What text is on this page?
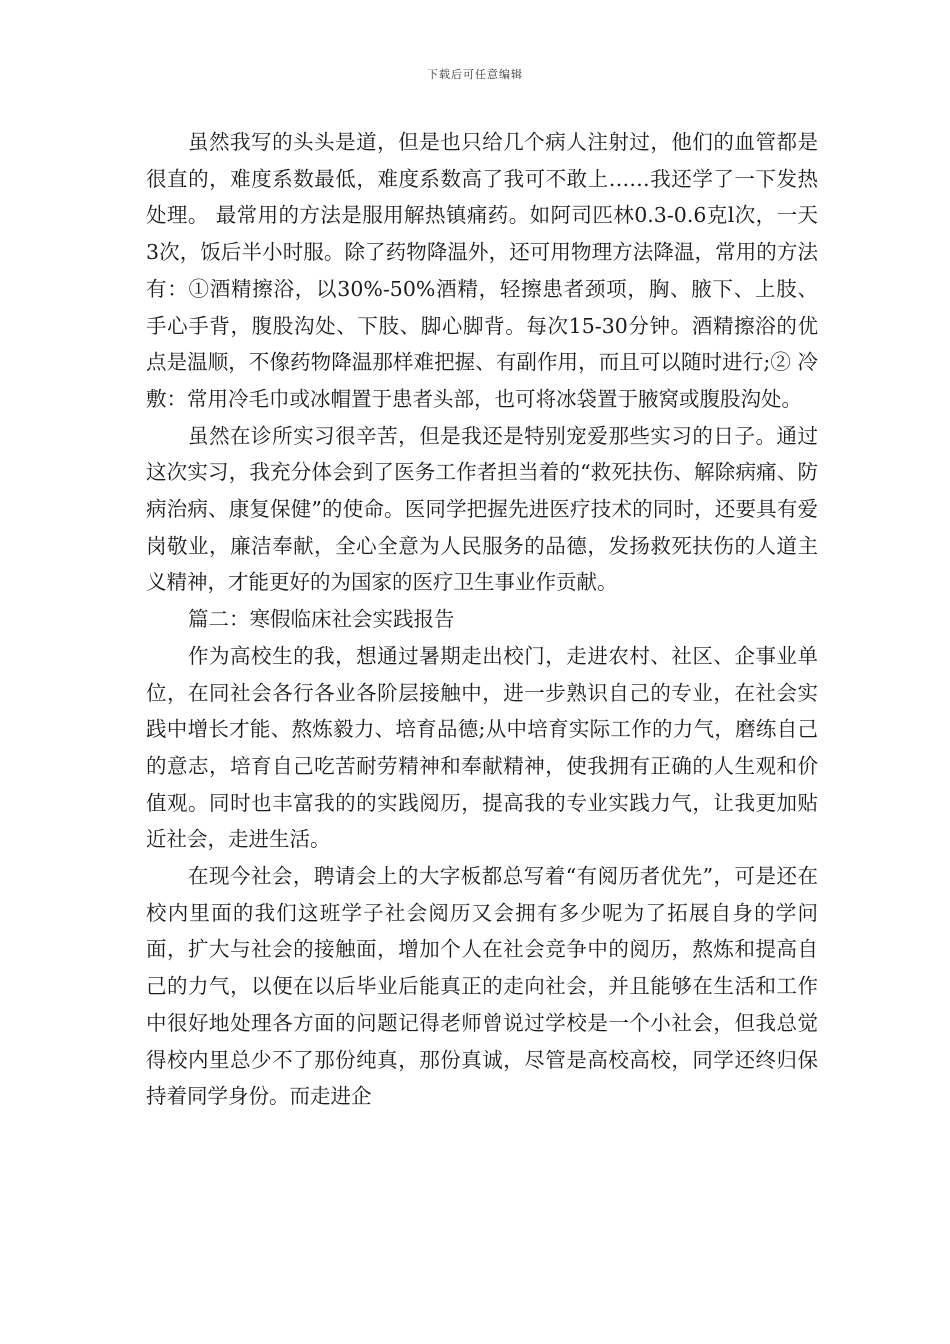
下载后可任意编辑

虽然我写的头头是道，但是也只给几个病人注射过，他们的血管都是很直的，难度系数最低，难度系数高了我可不敢上……我还学了一下发热处理。 最常用的方法是服用解热镇痛药。如阿司匹林0.3-0.6克l次，一天3次，饭后半小时服。除了药物降温外，还可用物理方法降温，常用的方法有：①酒精擦浴，以30%-50%酒精，轻擦患者颈项，胸、腋下、上肢、手心手背，腹股沟处、下肢、脚心脚背。每次15-30分钟。酒精擦浴的优点是温顺，不像药物降温那样难把握、有副作用，而且可以随时进行;② 冷敷：常用冷毛巾或冰帽置于患者头部，也可将冰袋置于腋窝或腹股沟处。

虽然在诊所实习很辛苦，但是我还是特别宠爱那些实习的日子。通过这次实习，我充分体会到了医务工作者担当着的“救死扶伤、解除病痛、防病治病、康复保健”的使命。医同学把握先进医疗技术的同时，还要具有爱岗敬业，廉洁奉献，全心全意为人民服务的品德，发扬救死扶伤的人道主义精神，才能更好的为国家的医疗卫生事业作贡献。

篇二：寒假临床社会实践报告

作为高校生的我，想通过暑期走出校门，走进农村、社区、企事业单位，在同社会各行各业各阶层接触中，进一步熟识自己的专业，在社会实践中增长才能、熬炼毅力、培育品德;从中培育实际工作的力气，磨练自己的意志，培育自己吃苦耐劳精神和奉献精神，使我拥有正确的人生观和价值观。同时也丰富我的的实践阅历，提高我的专业实践力气，让我更加贴近社会，走进生活。

在现今社会，聘请会上的大字板都总写着“有阅历者优先”，可是还在校内里面的我们这班学子社会阅历又会拥有多少呢为了拓展自身的学问面，扩大与社会的接触面，增加个人在社会竞争中的阅历，熬炼和提高自己的力气，以便在以后毕业后能真正的走向社会，并且能够在生活和工作中很好地处理各方面的问题记得老师曾说过学校是一个小社会，但我总觉得校内里总少不了那份纯真，那份真诚，尽管是高校高校，同学还终归保持着同学身份。而走进企
